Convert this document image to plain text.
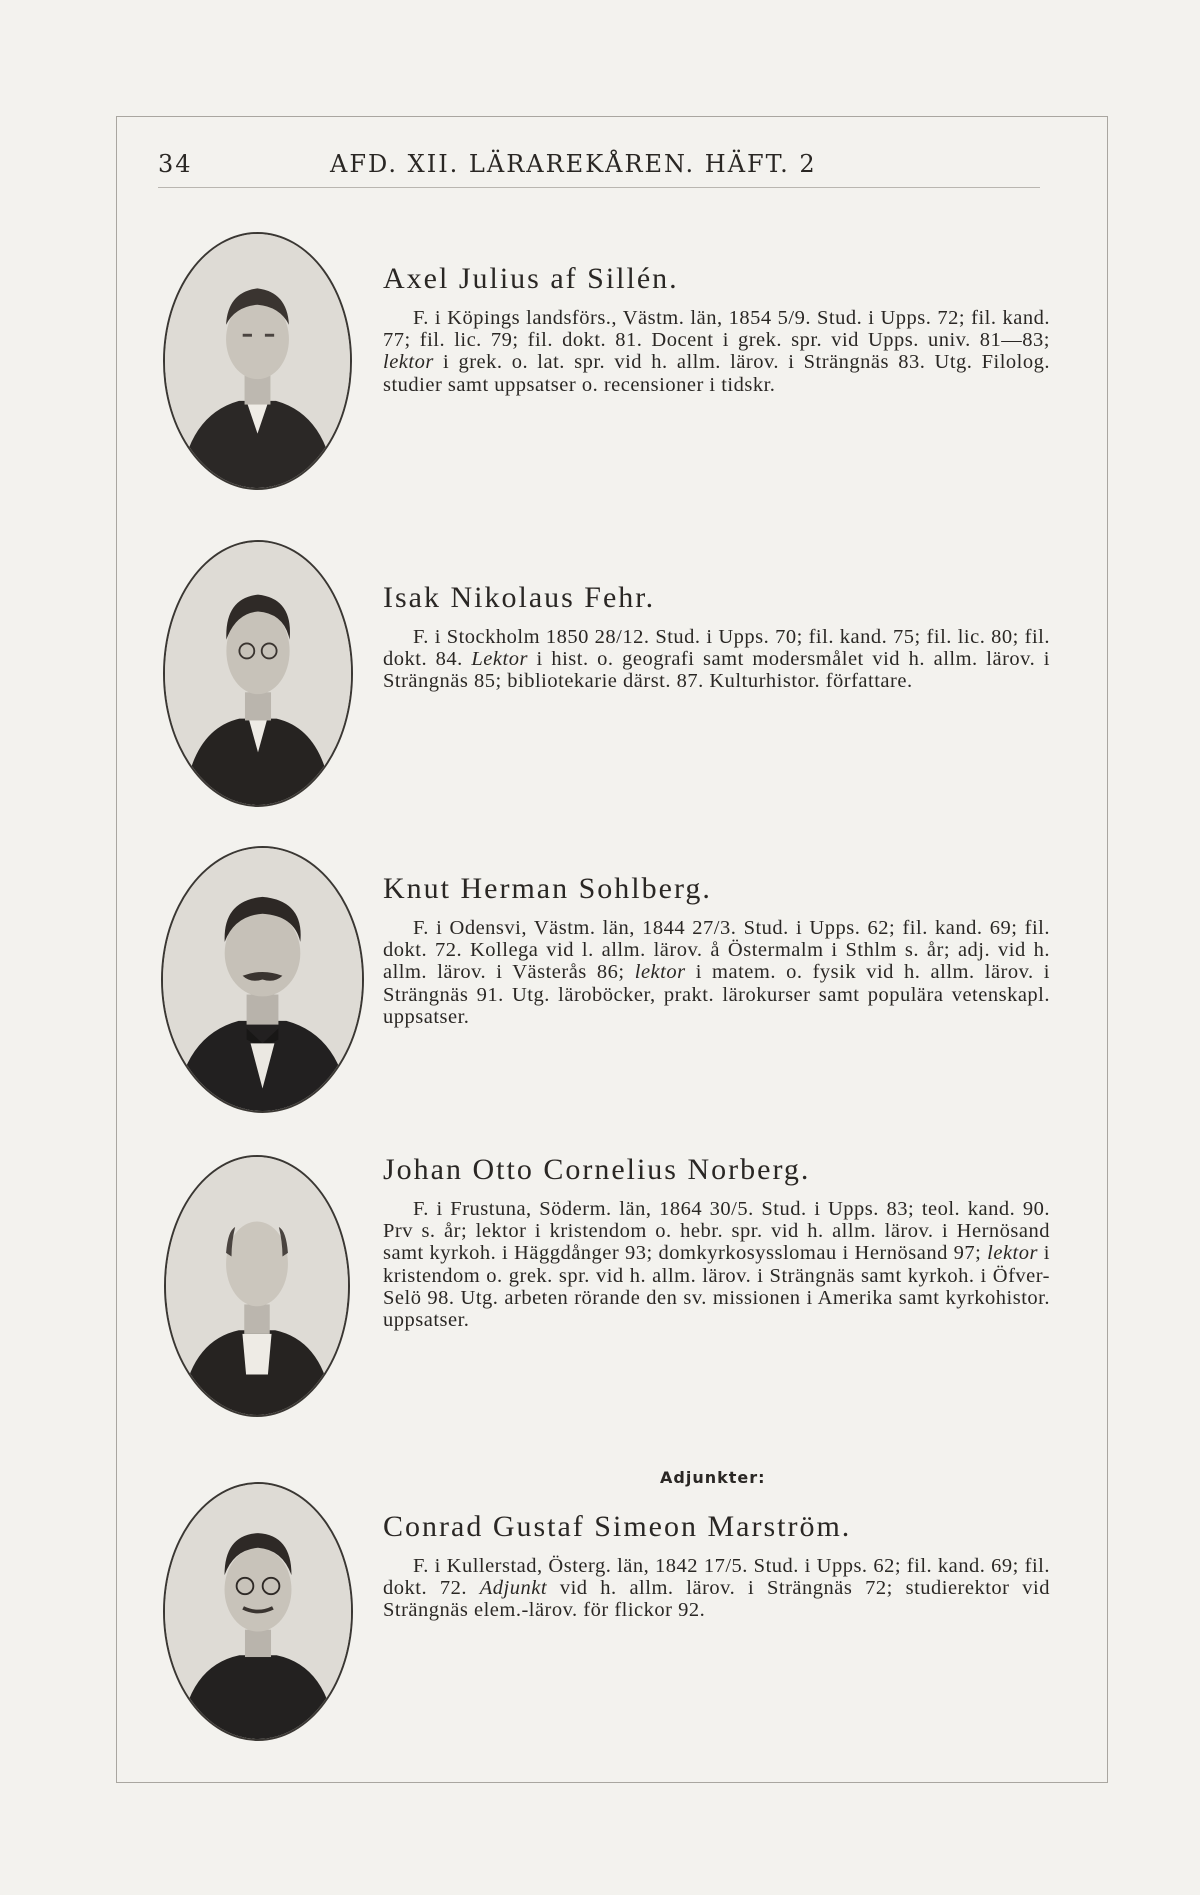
34	AFD. XII. LÄRAREKÅREN. HÄFT. 2
Axel Julius af Sillén.

F. i Köpings landsförs., Västm. län, 1854 5/9. Stud. i Upps. 72; fil. kand. 77; fil. lic. 79; fil. dokt. 81. Docent i grek. spr. vid Upps. univ. 81—83; lektor i grek. o. lat. spr. vid h. allm. lärov. i Strängnäs 83. Utg. Filolog. studier samt uppsatser o. recensioner i tidskr.

Isak Nikolaus Fehr.

F. i Stockholm 1850 28/12. Stud. i Upps. 70; fil. kand. 75; fil. lic. 80; fil. dokt. 84. Lektor i hist. o. geografi samt modersmålet vid h. allm. lärov. i Strängnäs 85; bibliotekarie därst. 87. Kulturhistor. författare.

Knut Herman Sohlberg.

F. i Odensvi, Västm. län, 1844 27/3. Stud. i Upps. 62; fil. kand. 69; fil. dokt. 72. Kollega vid l. allm. lärov. å Östermalm i Sthlm s. år; adj. vid h. allm. lärov. i Västerås 86; lektor i matem. o. fysik vid h. allm. lärov. i Strängnäs 91. Utg. läroböcker, prakt. lärokurser samt populära vetenskapl. uppsatser.

Johan Otto Cornelius Norberg.

F. i Frustuna, Söderm. län, 1864 30/5. Stud. i Upps. 83; teol. kand. 90. Prv s. år; lektor i kristendom o. hebr. spr. vid h. allm. lärov. i Hernösand samt kyrkoh. i Häggdånger 93; domkyrkosysslomau i Hernösand 97; lektor i kristendom o. grek. spr. vid h. allm. lärov. i Strängnäs samt kyrkoh. i Öfver-Selö 98. Utg. arbeten rörande den sv. missionen i Amerika samt kyrkohistor. uppsatser.

Adjunkter:
Conrad Gustaf Simeon Marström.

F. i Kullerstad, Österg. län, 1842 17/5. Stud. i Upps. 62; fil. kand. 69; fil. dokt. 72. Adjunkt vid h. allm. lärov. i Strängnäs 72; studierektor vid Strängnäs elem.-lärov. för flickor 92.
